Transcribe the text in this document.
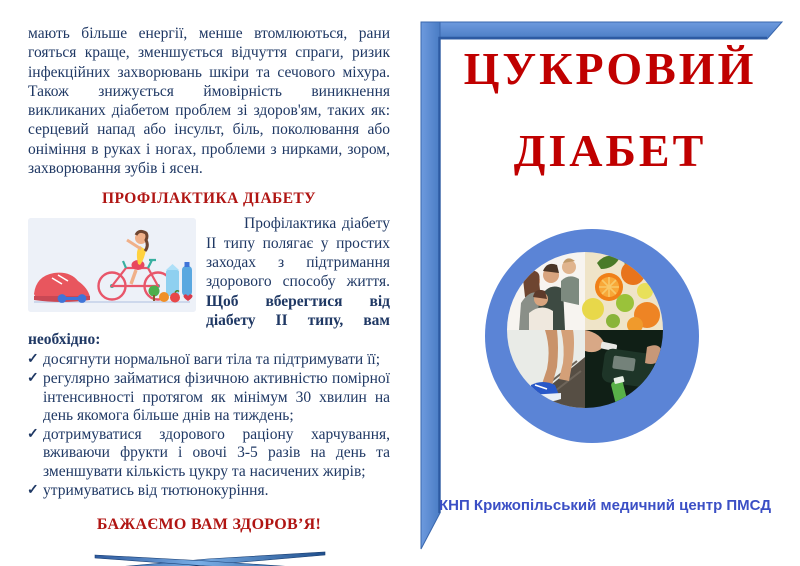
мають більше енергії, менше втомлюються, рани гояться краще, зменшується відчуття спраги, ризик інфекційних захворювань шкіри та сечового міхура. Також знижується ймовірність виникнення викликаних діабетом проблем зі здоров'ям, таких як: серцевий напад або інсульт, біль, поколювання або оніміння в руках і ногах, проблеми з нирками, зором, захворювання зубів і ясен.

ПРОФІЛАКТИКА ДІАБЕТУ
Профілактика діабету ІІ типу полягає у простих заходах з підтримання здорового способу життя. Щоб вберегтися від діабету ІІ типу, вам необхідно:
✓ досягнути нормальної ваги тіла та підтримувати її;
✓ регулярно займатися фізичною активністю помірної інтенсивності протягом як мінімум 30 хвилин на день якомога більше днів на тиждень;
✓ дотримуватися здорового раціону харчування, вживаючи фрукти і овочі 3-5 разів на день та зменшувати кількість цукру та насичених жирів;
✓ утримуватись від тютюнокуріння.

БАЖАЄМО ВАМ ЗДОРОВ’Я!

ЦУКРОВИЙ
ДІАБЕТ
КНП Крижопільський медичний центр ПМСД
